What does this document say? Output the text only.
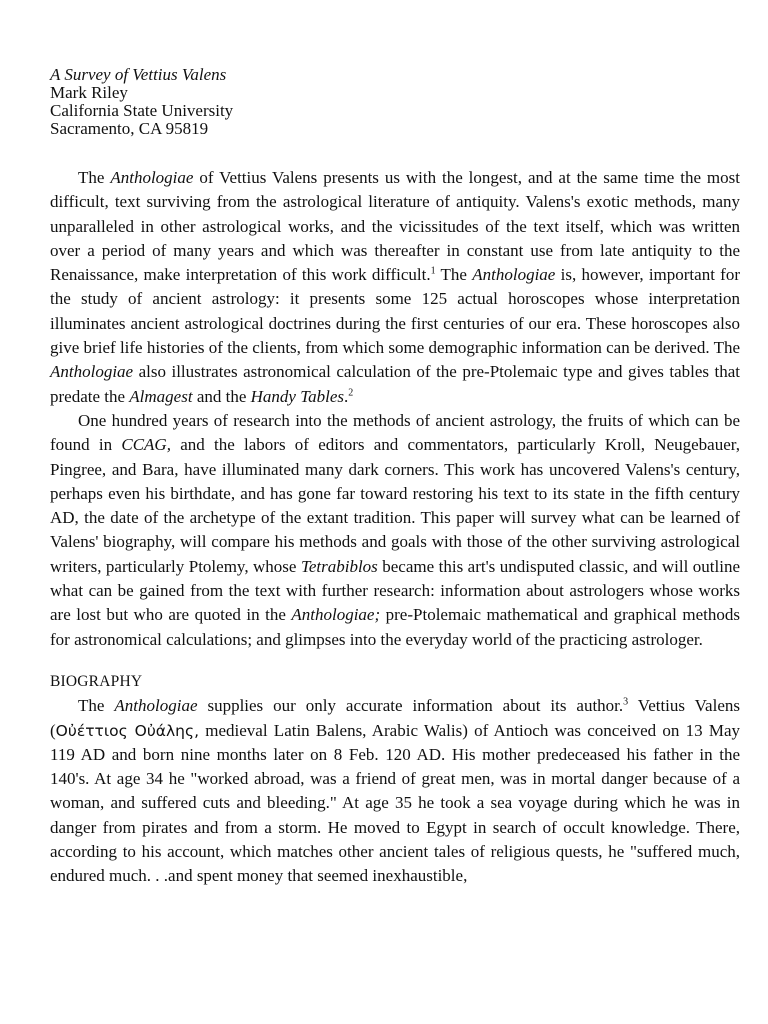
A Survey of Vettius Valens
Mark Riley
California State University
Sacramento, CA 95819

The Anthologiae of Vettius Valens presents us with the longest, and at the same time the most difficult, text surviving from the astrological literature of antiquity. Valens's exotic methods, many unparalleled in other astrological works, and the vicissitudes of the text itself, which was written over a period of many years and which was thereafter in constant use from late antiquity to the Renaissance, make interpretation of this work difficult.$^1$ The Anthologiae is, however, important for the study of ancient astrology: it presents some 125 actual horoscopes whose interpretation illuminates ancient astrological doctrines during the first centuries of our era. These horoscopes also give brief life histories of the clients, from which some demographic information can be derived. The Anthologiae also illustrates astronomical calculation of the pre-Ptolemaic type and gives tables that predate the Almagest and the Handy Tables.$^2$

One hundred years of research into the methods of ancient astrology, the fruits of which can be found in CCAG, and the labors of editors and commentators, particularly Kroll, Neugebauer, Pingree, and Bara, have illuminated many dark corners. This work has uncovered Valens's century, perhaps even his birthdate, and has gone far toward restoring his text to its state in the fifth century AD, the date of the archetype of the extant tradition. This paper will survey what can be learned of Valens' biography, will compare his methods and goals with those of the other surviving astrological writers, particularly Ptolemy, whose Tetrabiblos became this art's undisputed classic, and will outline what can be gained from the text with further research: information about astrologers whose works are lost but who are quoted in the Anthologiae; pre-Ptolemaic mathematical and graphical methods for astronomical calculations; and glimpses into the everyday world of the practicing astrologer.

BIOGRAPHY

The Anthologiae supplies our only accurate information about its author.$^3$ Vettius Valens (Οὐέττιος Οὐάλης, medieval Latin Balens, Arabic Walis) of Antioch was conceived on 13 May 119 AD and born nine months later on 8 Feb. 120 AD. His mother predeceased his father in the 140's. At age 34 he "worked abroad, was a friend of great men, was in mortal danger because of a woman, and suffered cuts and bleeding." At age 35 he took a sea voyage during which he was in danger from pirates and from a storm. He moved to Egypt in search of occult knowledge. There, according to his account, which matches other ancient tales of religious quests, he "suffered much, endured much. . .and spent money that seemed inexhaustible,
